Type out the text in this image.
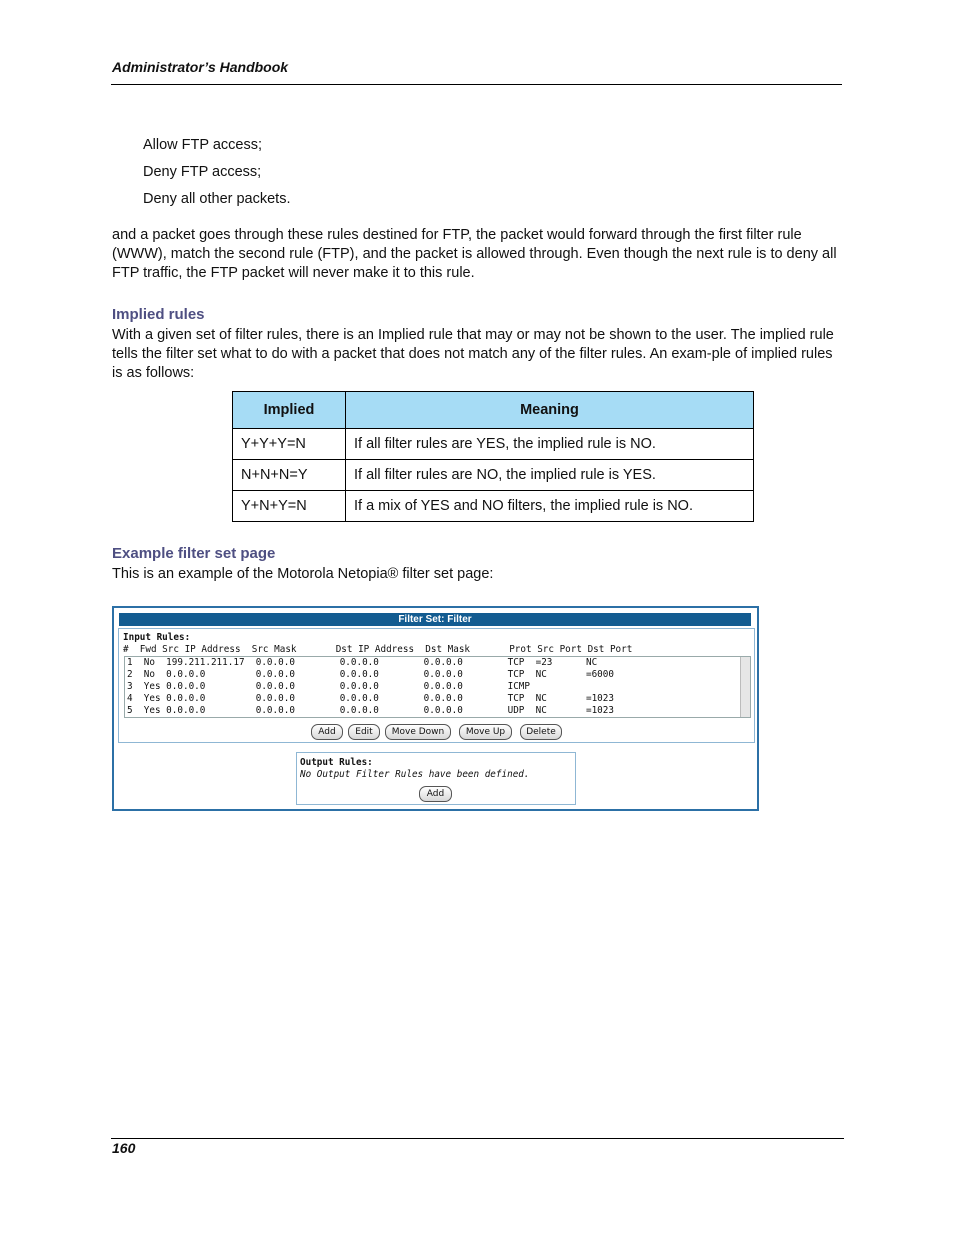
Administrator’s Handbook
Allow FTP access;
Deny FTP access;
Deny all other packets.
and a packet goes through these rules destined for FTP, the packet would forward through the first filter rule (WWW), match the second rule (FTP), and the packet is allowed through. Even though the next rule is to deny all FTP traffic, the FTP packet will never make it to this rule.
Implied rules
With a given set of filter rules, there is an Implied rule that may or may not be shown to the user. The implied rule tells the filter set what to do with a packet that does not match any of the filter rules. An exam-ple of implied rules is as follows:
Implied	Meaning
Y+Y+Y=N	If all filter rules are YES, the implied rule is NO.
N+N+N=Y	If all filter rules are NO, the implied rule is YES.
Y+N+Y=N	If a mix of YES and NO filters, the implied rule is NO.
Example filter set page
This is an example of the Motorola Netopia® filter set page:
Filter Set: Filter
Input Rules:
#  Fwd Src IP Address  Src Mask       Dst IP Address  Dst Mask       Prot Src Port Dst Port
1  No  199.211.211.17  0.0.0.0        0.0.0.0        0.0.0.0        TCP  =23      NC
2  No  0.0.0.0         0.0.0.0        0.0.0.0        0.0.0.0        TCP  NC       =6000
3  Yes 0.0.0.0         0.0.0.0        0.0.0.0        0.0.0.0        ICMP
4  Yes 0.0.0.0         0.0.0.0        0.0.0.0        0.0.0.0        TCP  NC       =1023
5  Yes 0.0.0.0         0.0.0.0        0.0.0.0        0.0.0.0        UDP  NC       =1023
Add	Edit	Move Down	Move Up	Delete
Output Rules:
No Output Filter Rules have been defined.
Add
160
